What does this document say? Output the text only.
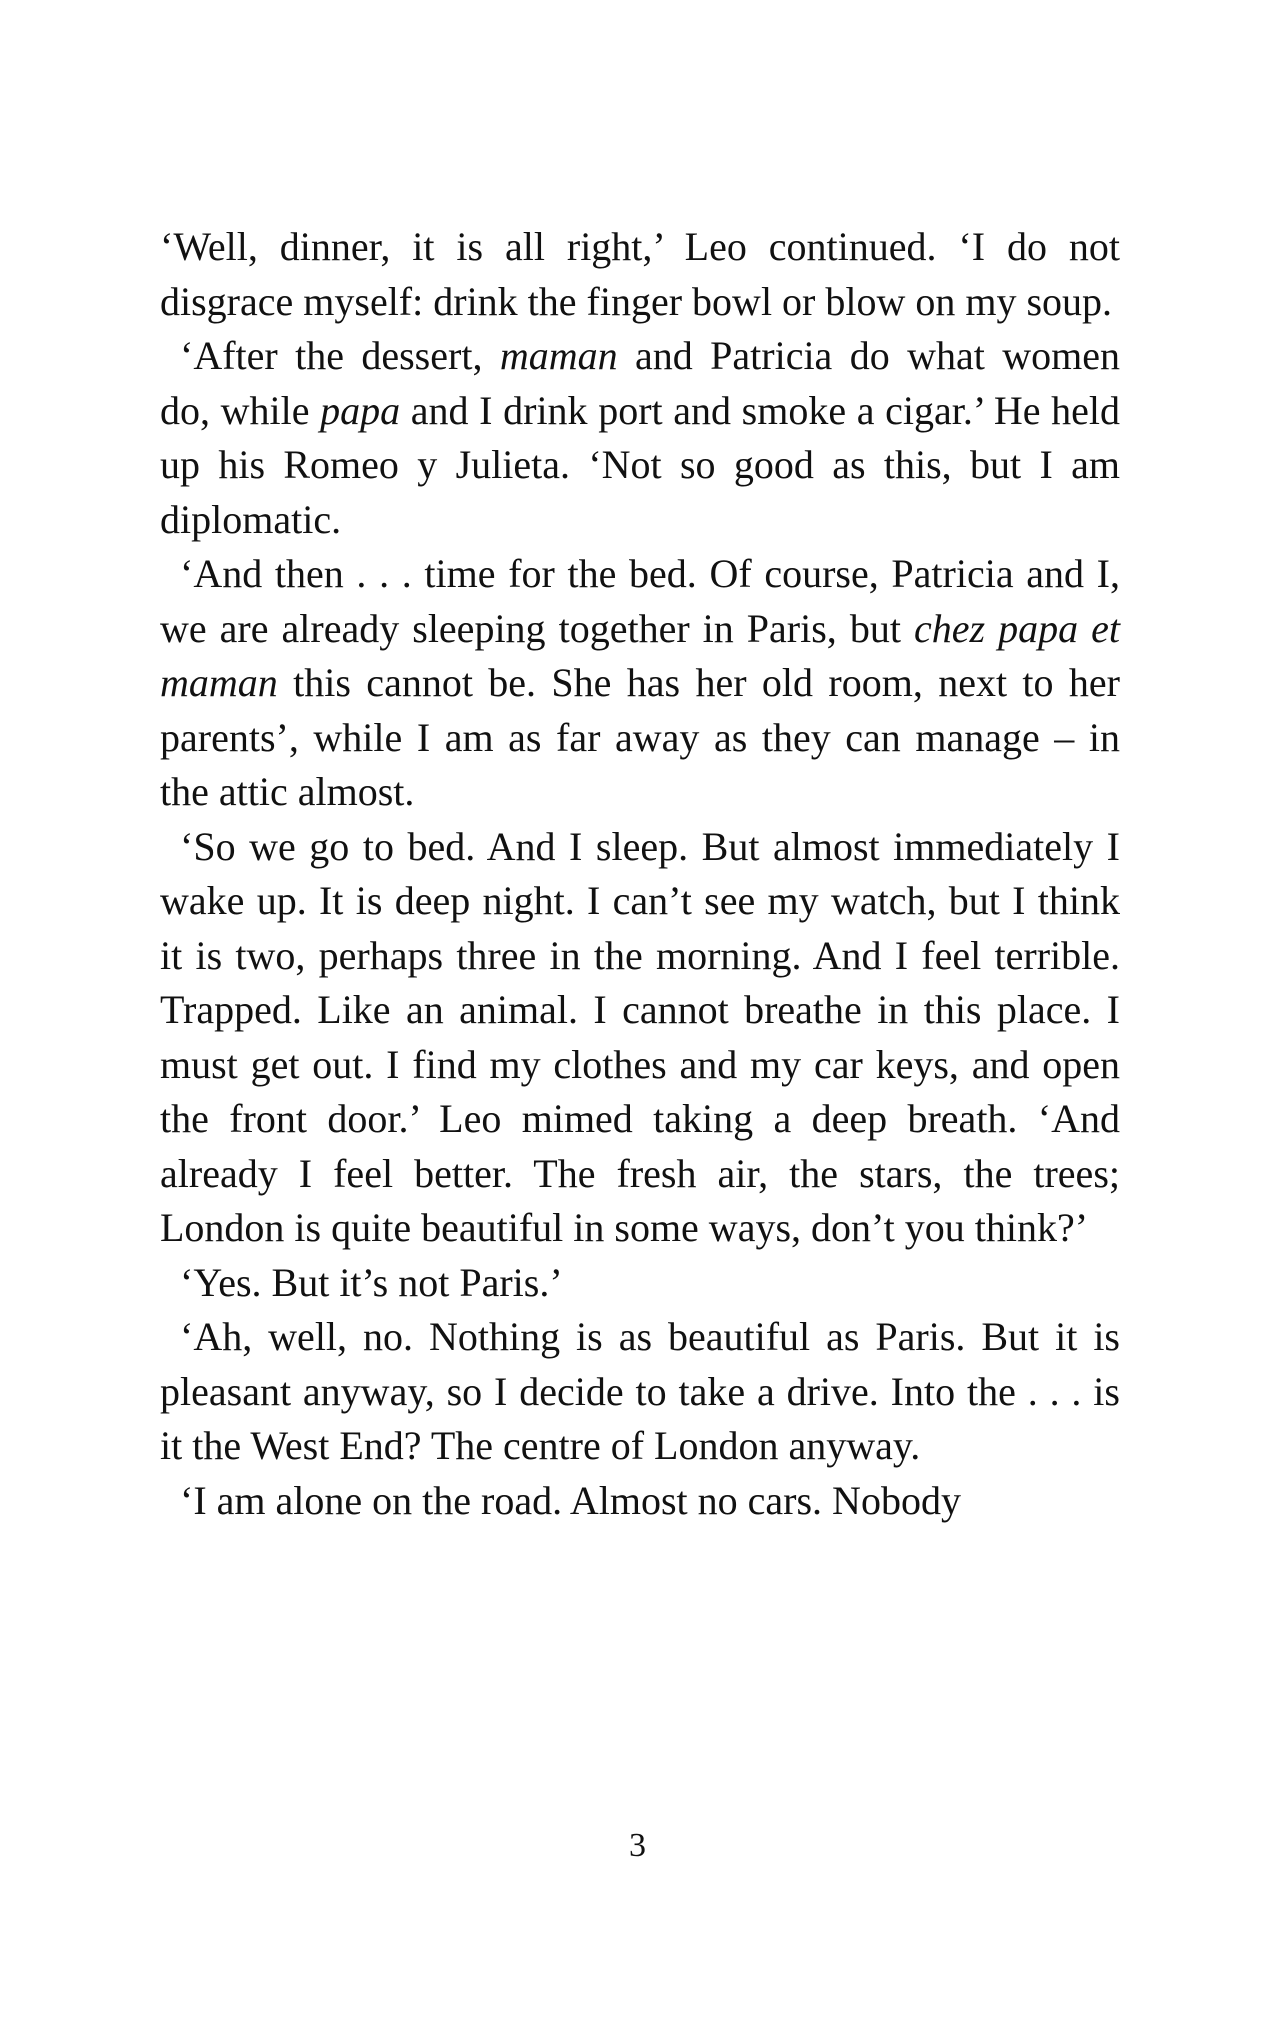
‘Well, dinner, it is all right,’ Leo continued. ‘I do not disgrace myself: drink the finger bowl or blow on my soup.

‘After the dessert, maman and Patricia do what women do, while papa and I drink port and smoke a cigar.’ He held up his Romeo y Julieta. ‘Not so good as this, but I am diplomatic.

‘And then . . . time for the bed. Of course, Patricia and I, we are already sleeping together in Paris, but chez papa et maman this cannot be. She has her old room, next to her parents’, while I am as far away as they can manage – in the attic almost.

‘So we go to bed. And I sleep. But almost immediately I wake up. It is deep night. I can’t see my watch, but I think it is two, perhaps three in the morning. And I feel terrible. Trapped. Like an animal. I cannot breathe in this place. I must get out. I find my clothes and my car keys, and open the front door.’ Leo mimed taking a deep breath. ‘And already I feel better. The fresh air, the stars, the trees; London is quite beautiful in some ways, don’t you think?’

‘Yes. But it’s not Paris.’

‘Ah, well, no. Nothing is as beautiful as Paris. But it is pleasant anyway, so I decide to take a drive. Into the . . . is it the West End? The centre of London anyway.

‘I am alone on the road. Almost no cars. Nobody

3
